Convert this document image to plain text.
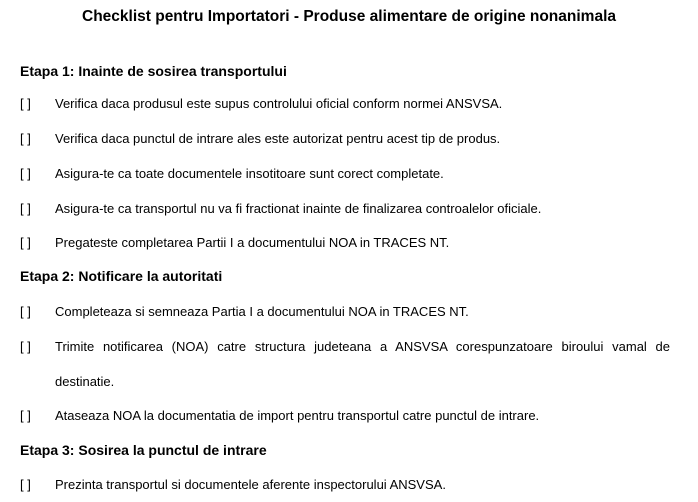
Checklist pentru Importatori - Produse alimentare de origine nonanimala
Etapa 1: Inainte de sosirea transportului
[ ] Verifica daca produsul este supus controlului oficial conform normei ANSVSA.
[ ] Verifica daca punctul de intrare ales este autorizat pentru acest tip de produs.
[ ] Asigura-te ca toate documentele insotitoare sunt corect completate.
[ ] Asigura-te ca transportul nu va fi fractionat inainte de finalizarea controalelor oficiale.
[ ] Pregateste completarea Partii I a documentului NOA in TRACES NT.
Etapa 2: Notificare la autoritati
[ ] Completeaza si semneaza Partia I a documentului NOA in TRACES NT.
[ ] Trimite notificarea (NOA) catre structura judeteana a ANSVSA corespunzatoare biroului vamal de destinatie.
[ ] Ataseaza NOA la documentatia de import pentru transportul catre punctul de intrare.
Etapa 3: Sosirea la punctul de intrare
[ ] Prezinta transportul si documentele aferente inspectorului ANSVSA.
